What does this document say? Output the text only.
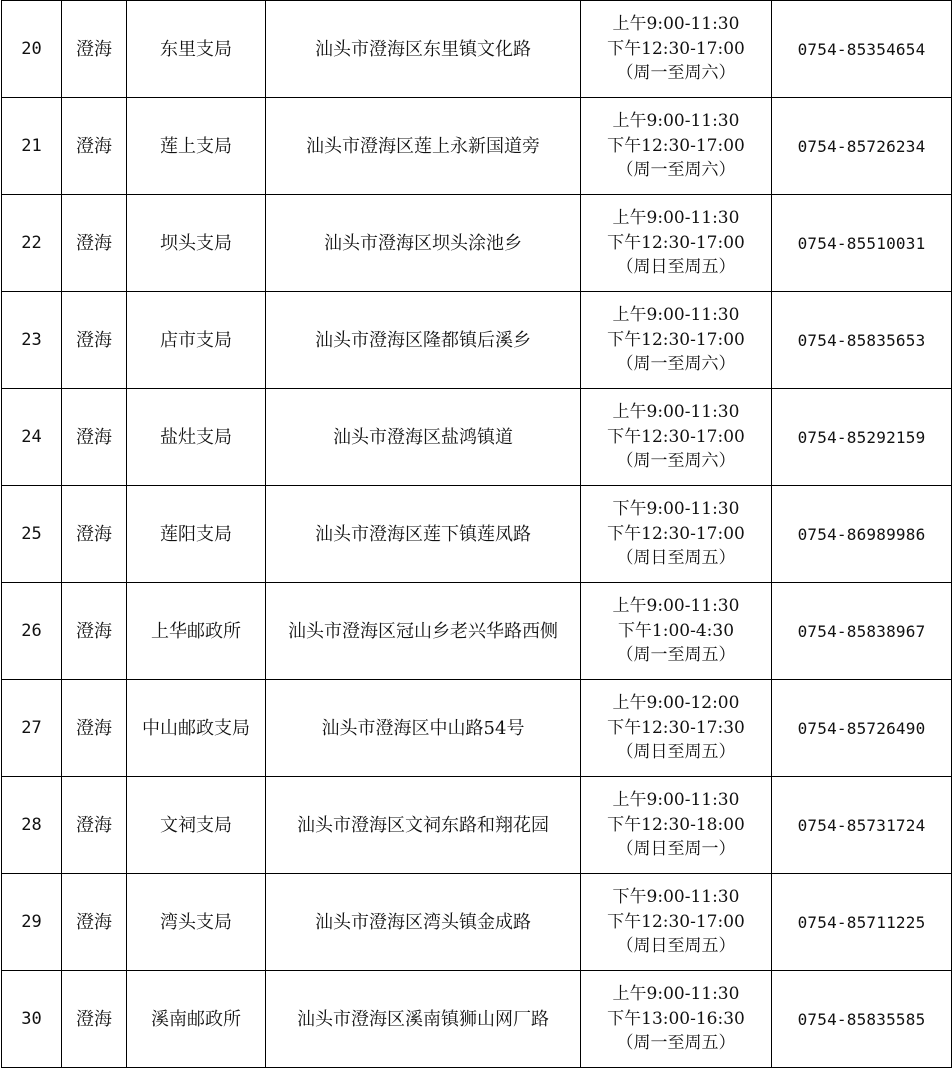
20	澄海	东里支局	汕头市澄海区东里镇文化路	上午9:00-11:30
下午12:30-17:00
（周一至周六）	0754-85354654
21	澄海	莲上支局	汕头市澄海区莲上永新国道旁	上午9:00-11:30
下午12:30-17:00
（周一至周六）	0754-85726234
22	澄海	坝头支局	汕头市澄海区坝头涂池乡	上午9:00-11:30
下午12:30-17:00
（周日至周五）	0754-85510031
23	澄海	店市支局	汕头市澄海区隆都镇后溪乡	上午9:00-11:30
下午12:30-17:00
（周一至周六）	0754-85835653
24	澄海	盐灶支局	汕头市澄海区盐鸿镇道	上午9:00-11:30
下午12:30-17:00
（周一至周六）	0754-85292159
25	澄海	莲阳支局	汕头市澄海区莲下镇莲凤路	下午9:00-11:30
下午12:30-17:00
（周日至周五）	0754-86989986
26	澄海	上华邮政所	汕头市澄海区冠山乡老兴华路西侧	上午9:00-11:30
下午1:00-4:30
（周一至周五）	0754-85838967
27	澄海	中山邮政支局	汕头市澄海区中山路54号	上午9:00-12:00
下午12:30-17:30
（周日至周五）	0754-85726490
28	澄海	文祠支局	汕头市澄海区文祠东路和翔花园	上午9:00-11:30
下午12:30-18:00
（周日至周一）	0754-85731724
29	澄海	湾头支局	汕头市澄海区湾头镇金成路	下午9:00-11:30
下午12:30-17:00
（周日至周五）	0754-85711225
30	澄海	溪南邮政所	汕头市澄海区溪南镇狮山网厂路	上午9:00-11:30
下午13:00-16:30
（周一至周五）	0754-85835585
